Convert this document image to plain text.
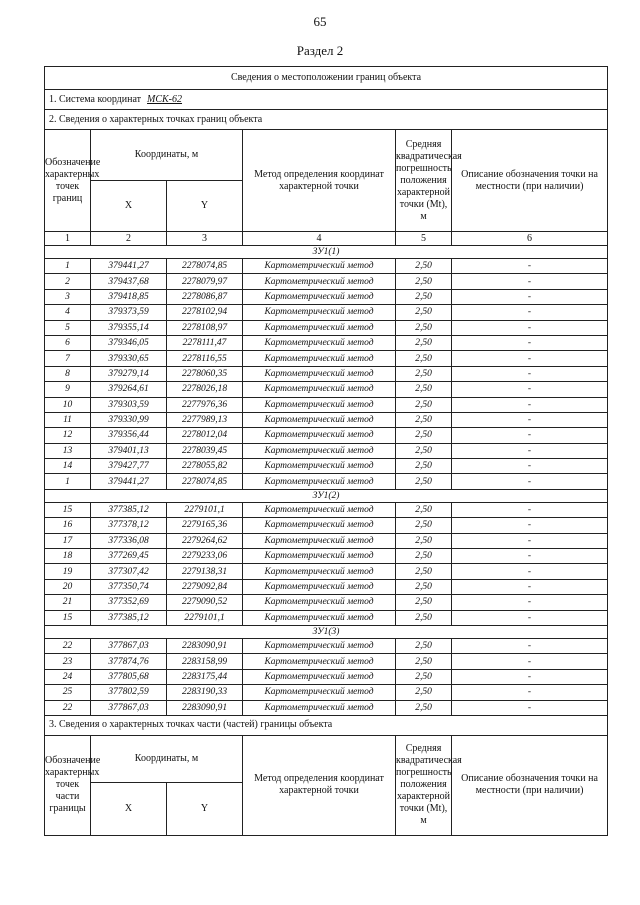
65
Раздел 2
Сведения о местоположении границ объекта					
1. Система координат МСК-62					
2. Сведения о характерных точках границ объекта					
Обозначение характерных точек границ	Координаты, м		Метод определения координат характерной точки	Средняя квадратическая погрешность положения характерной точки (Mt), м	Описание обозначения точки на местности (при наличии)
	X	Y			
1	2	3	4	5	6
ЗУ1(1)					
1	379441,27	2278074,85	Картометрический метод	2,50	-
2	379437,68	2278079,97	Картометрический метод	2,50	-
3	379418,85	2278086,87	Картометрический метод	2,50	-
4	379373,59	2278102,94	Картометрический метод	2,50	-
5	379355,14	2278108,97	Картометрический метод	2,50	-
6	379346,05	2278111,47	Картометрический метод	2,50	-
7	379330,65	2278116,55	Картометрический метод	2,50	-
8	379279,14	2278060,35	Картометрический метод	2,50	-
9	379264,61	2278026,18	Картометрический метод	2,50	-
10	379303,59	2277976,36	Картометрический метод	2,50	-
11	379330,99	2277989,13	Картометрический метод	2,50	-
12	379356,44	2278012,04	Картометрический метод	2,50	-
13	379401,13	2278039,45	Картометрический метод	2,50	-
14	379427,77	2278055,82	Картометрический метод	2,50	-
1	379441,27	2278074,85	Картометрический метод	2,50	-
ЗУ1(2)					
15	377385,12	2279101,1	Картометрический метод	2,50	-
16	377378,12	2279165,36	Картометрический метод	2,50	-
17	377336,08	2279264,62	Картометрический метод	2,50	-
18	377269,45	2279233,06	Картометрический метод	2,50	-
19	377307,42	2279138,31	Картометрический метод	2,50	-
20	377350,74	2279092,84	Картометрический метод	2,50	-
21	377352,69	2279090,52	Картометрический метод	2,50	-
15	377385,12	2279101,1	Картометрический метод	2,50	-
ЗУ1(3)					
22	377867,03	2283090,91	Картометрический метод	2,50	-
23	377874,76	2283158,99	Картометрический метод	2,50	-
24	377805,68	2283175,44	Картометрический метод	2,50	-
25	377802,59	2283190,33	Картометрический метод	2,50	-
22	377867,03	2283090,91	Картометрический метод	2,50	-
3. Сведения о характерных точках части (частей) границы объекта					
Обозначение характерных точек части границы	Координаты, м		Метод определения координат характерной точки	Средняя квадратическая погрешность положения характерной точки (Mt), м	Описание обозначения точки на местности (при наличии)
	X	Y			
